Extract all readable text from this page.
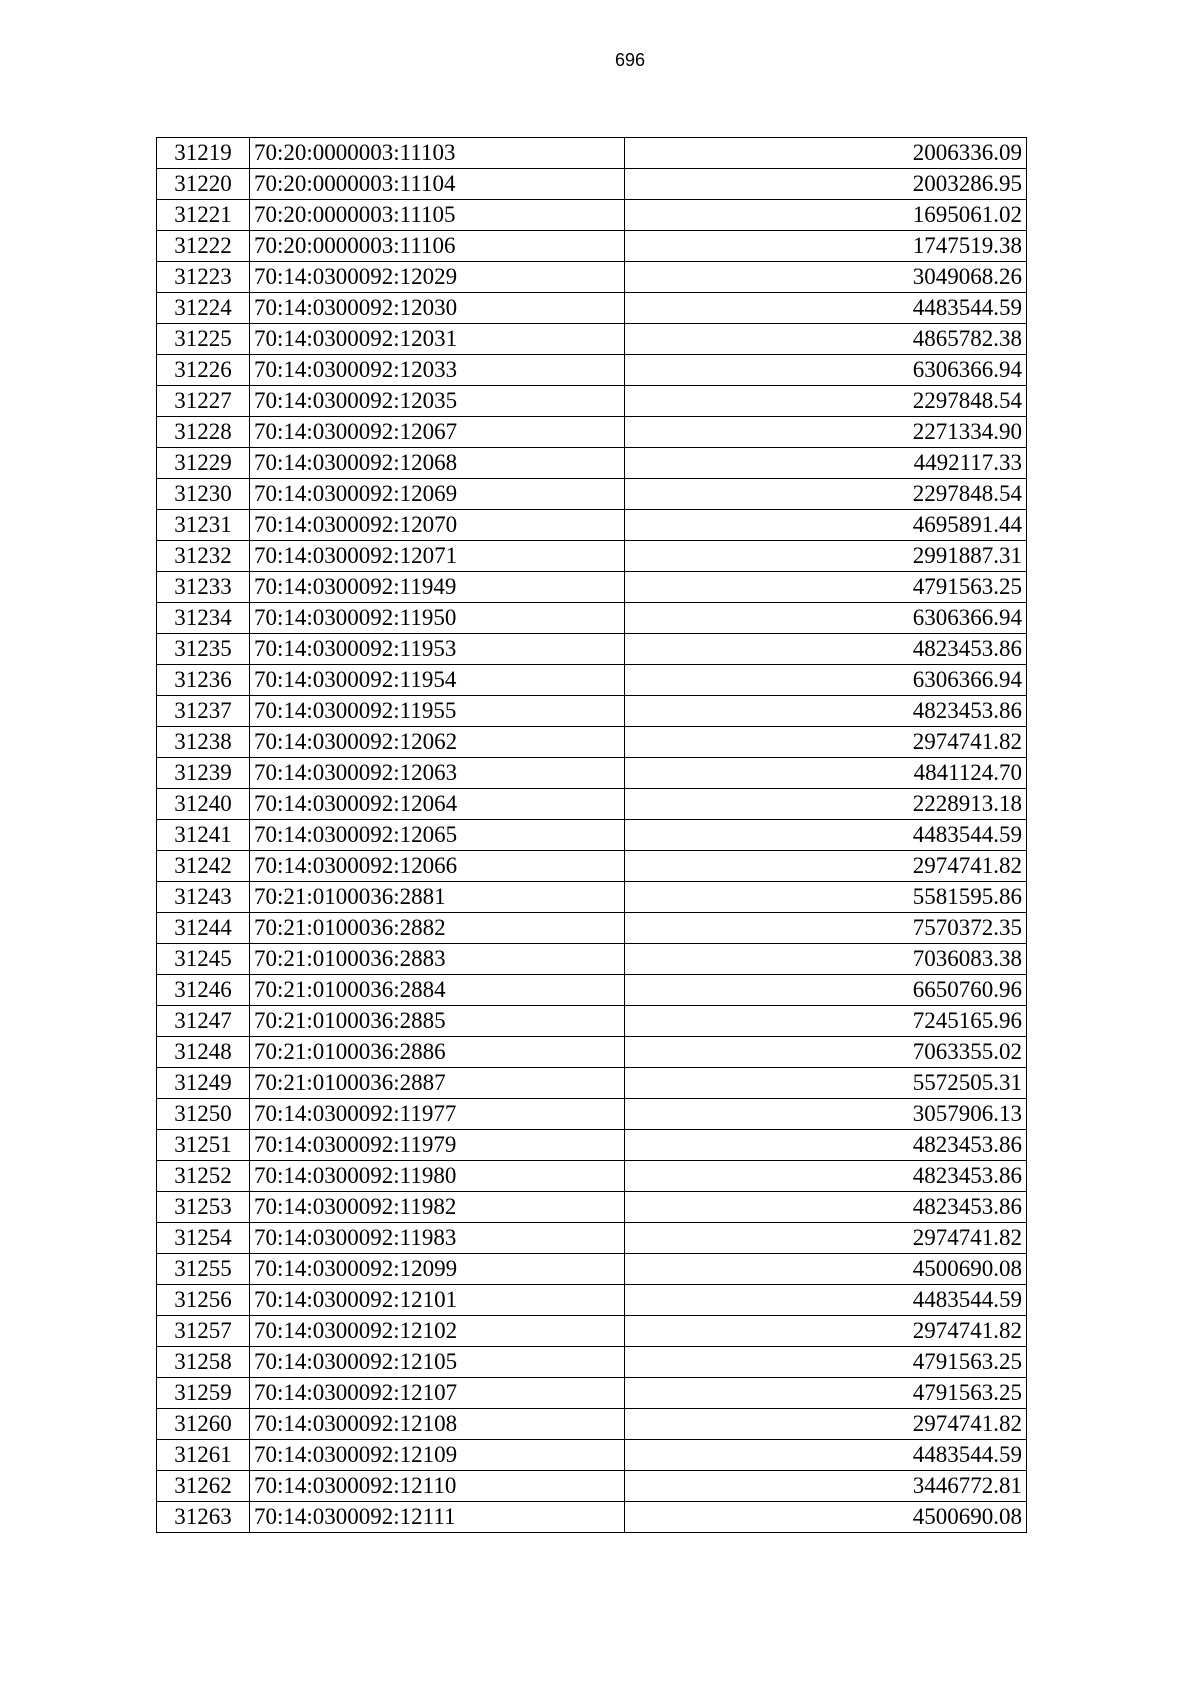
696
31219	70:20:0000003:11103	2006336.09
31220	70:20:0000003:11104	2003286.95
31221	70:20:0000003:11105	1695061.02
31222	70:20:0000003:11106	1747519.38
31223	70:14:0300092:12029	3049068.26
31224	70:14:0300092:12030	4483544.59
31225	70:14:0300092:12031	4865782.38
31226	70:14:0300092:12033	6306366.94
31227	70:14:0300092:12035	2297848.54
31228	70:14:0300092:12067	2271334.90
31229	70:14:0300092:12068	4492117.33
31230	70:14:0300092:12069	2297848.54
31231	70:14:0300092:12070	4695891.44
31232	70:14:0300092:12071	2991887.31
31233	70:14:0300092:11949	4791563.25
31234	70:14:0300092:11950	6306366.94
31235	70:14:0300092:11953	4823453.86
31236	70:14:0300092:11954	6306366.94
31237	70:14:0300092:11955	4823453.86
31238	70:14:0300092:12062	2974741.82
31239	70:14:0300092:12063	4841124.70
31240	70:14:0300092:12064	2228913.18
31241	70:14:0300092:12065	4483544.59
31242	70:14:0300092:12066	2974741.82
31243	70:21:0100036:2881	5581595.86
31244	70:21:0100036:2882	7570372.35
31245	70:21:0100036:2883	7036083.38
31246	70:21:0100036:2884	6650760.96
31247	70:21:0100036:2885	7245165.96
31248	70:21:0100036:2886	7063355.02
31249	70:21:0100036:2887	5572505.31
31250	70:14:0300092:11977	3057906.13
31251	70:14:0300092:11979	4823453.86
31252	70:14:0300092:11980	4823453.86
31253	70:14:0300092:11982	4823453.86
31254	70:14:0300092:11983	2974741.82
31255	70:14:0300092:12099	4500690.08
31256	70:14:0300092:12101	4483544.59
31257	70:14:0300092:12102	2974741.82
31258	70:14:0300092:12105	4791563.25
31259	70:14:0300092:12107	4791563.25
31260	70:14:0300092:12108	2974741.82
31261	70:14:0300092:12109	4483544.59
31262	70:14:0300092:12110	3446772.81
31263	70:14:0300092:12111	4500690.08
